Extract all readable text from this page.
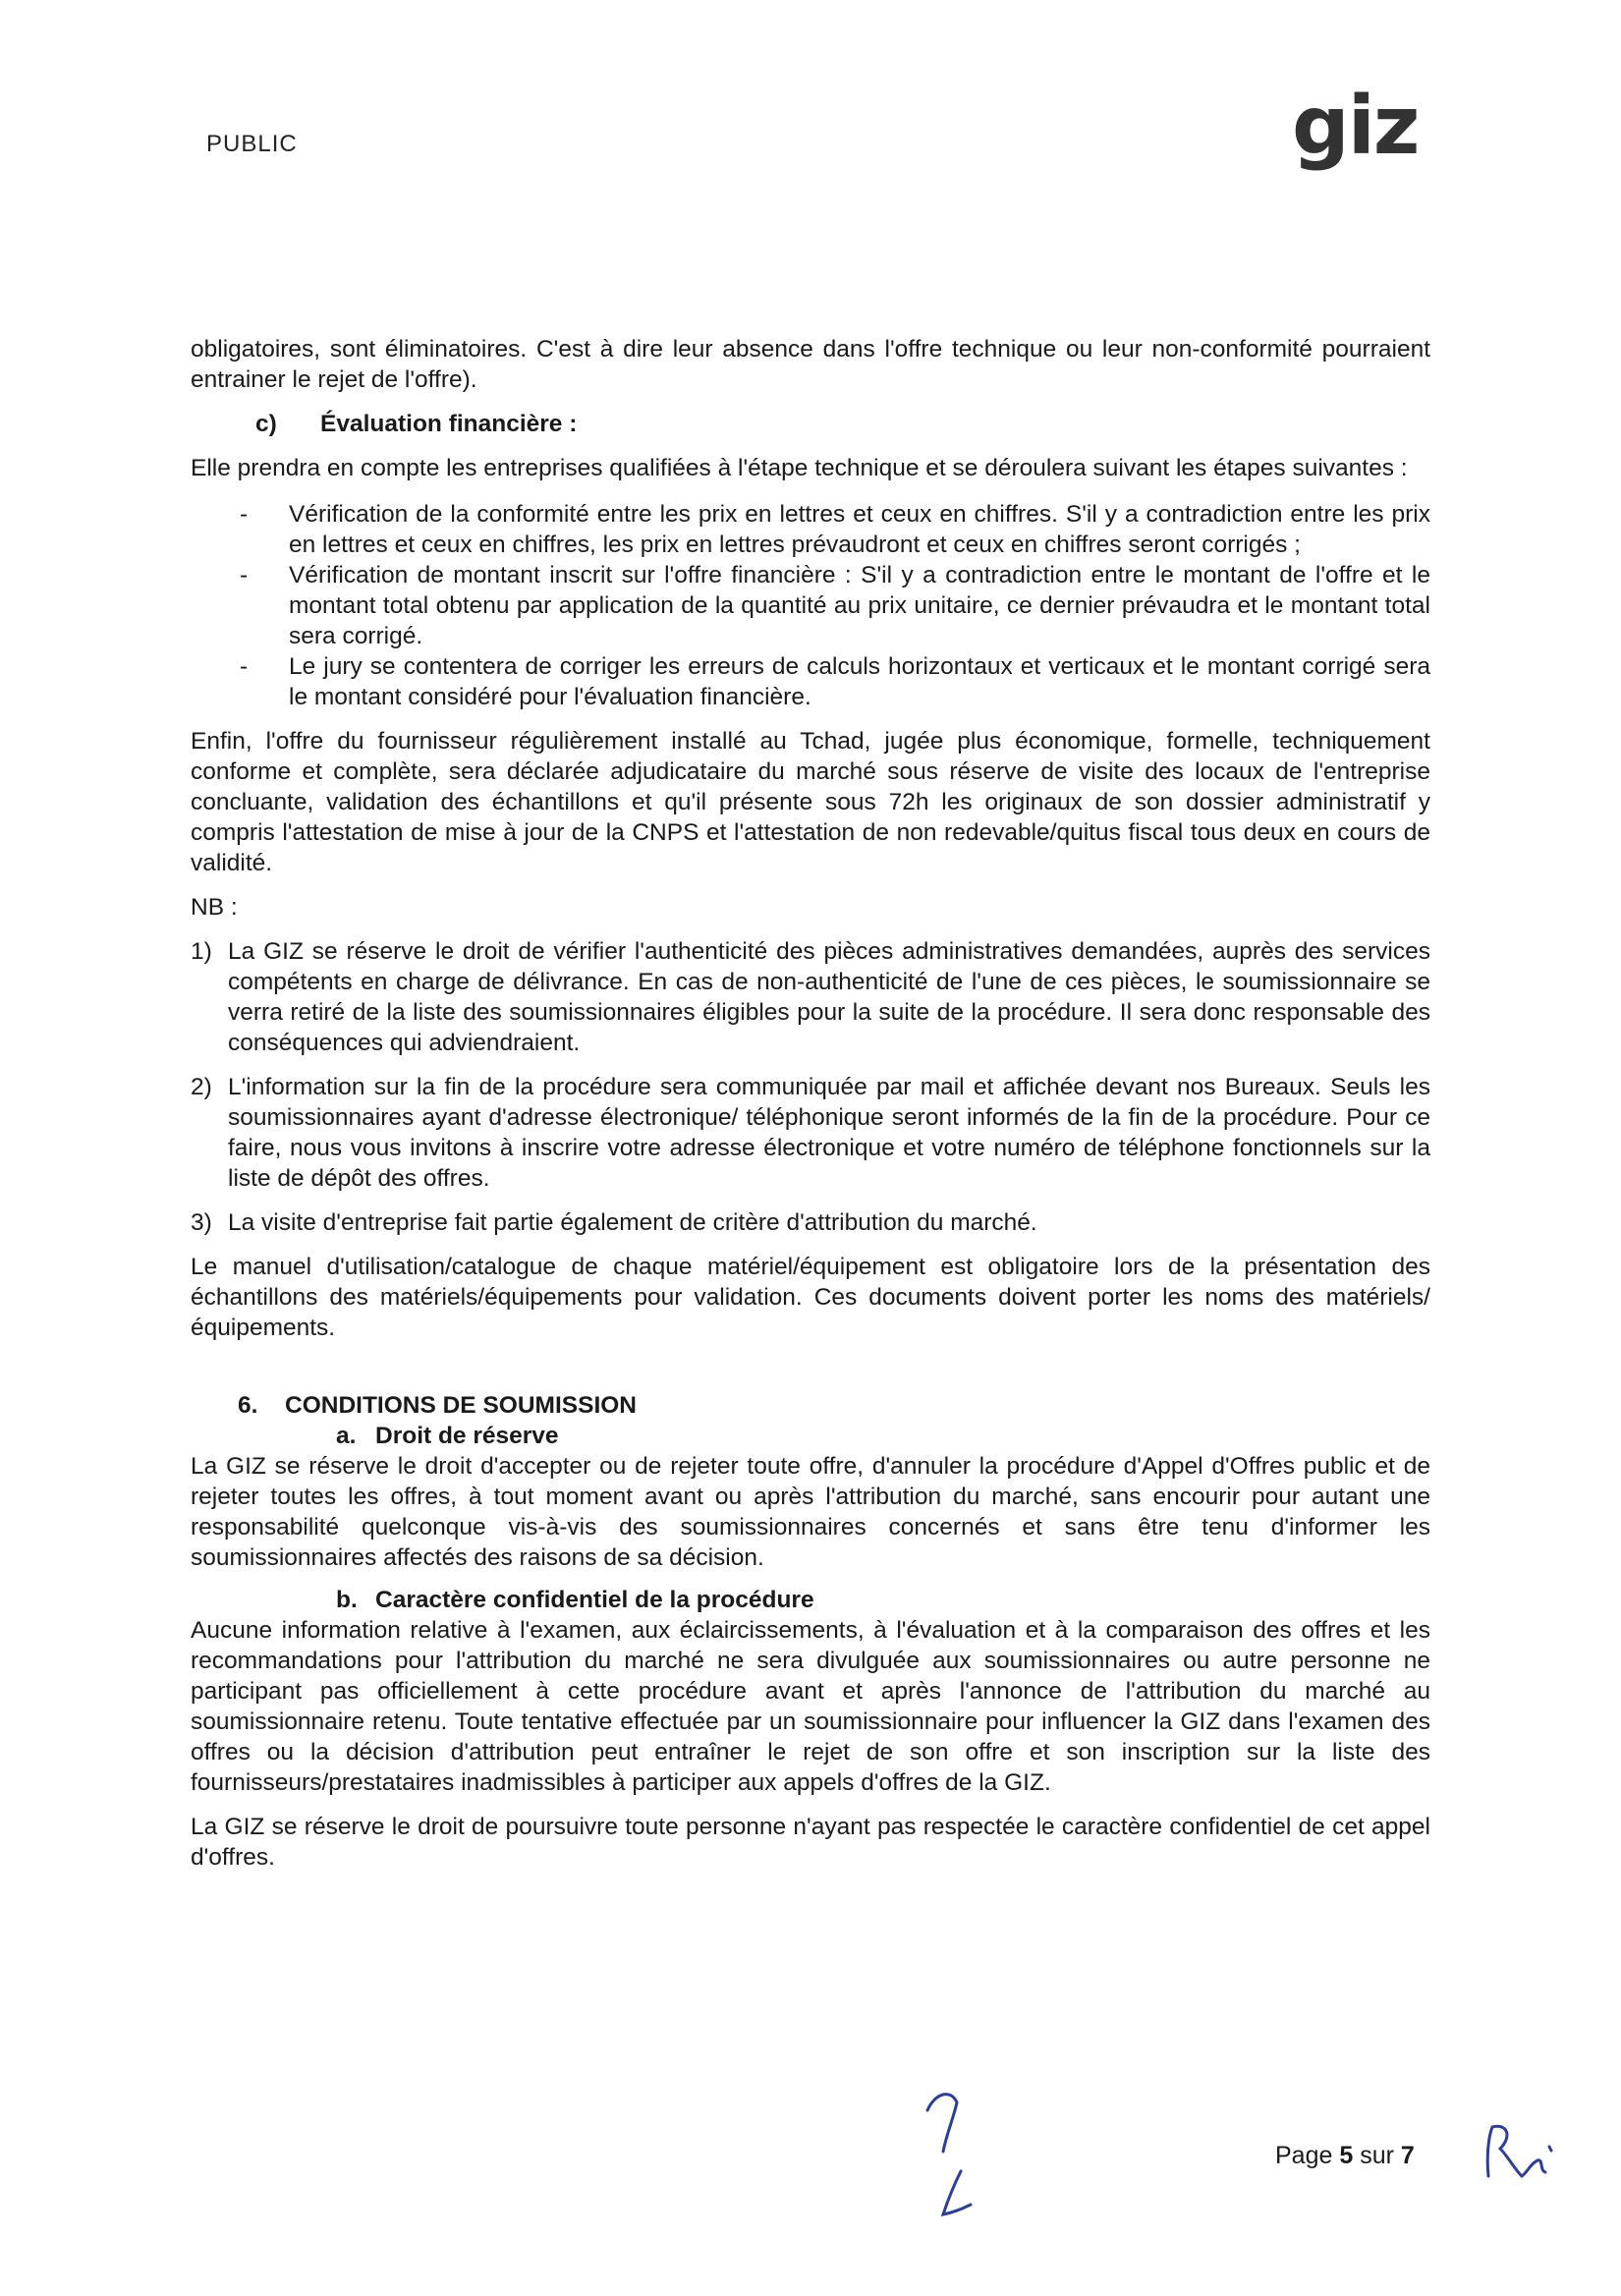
PUBLIC	giz

obligatoires, sont éliminatoires. C'est à dire leur absence dans l'offre technique ou leur non-conformité pourraient entrainer le rejet de l'offre).

c) Évaluation financière :

Elle prendra en compte les entreprises qualifiées à l'étape technique et se déroulera suivant les étapes suivantes :

- Vérification de la conformité entre les prix en lettres et ceux en chiffres. S'il y a contradiction entre les prix en lettres et ceux en chiffres, les prix en lettres prévaudront et ceux en chiffres seront corrigés ;
- Vérification de montant inscrit sur l'offre financière : S'il y a contradiction entre le montant de l'offre et le montant total obtenu par application de la quantité au prix unitaire, ce dernier prévaudra et le montant total sera corrigé.
- Le jury se contentera de corriger les erreurs de calculs horizontaux et verticaux et le montant corrigé sera le montant considéré pour l'évaluation financière.

Enfin, l'offre du fournisseur régulièrement installé au Tchad, jugée plus économique, formelle, techniquement conforme et complète, sera déclarée adjudicataire du marché sous réserve de visite des locaux de l'entreprise concluante, validation des échantillons et qu'il présente sous 72h les originaux de son dossier administratif y compris l'attestation de mise à jour de la CNPS et l'attestation de non redevable/quitus fiscal tous deux en cours de validité.

NB :

1) La GIZ se réserve le droit de vérifier l'authenticité des pièces administratives demandées, auprès des services compétents en charge de délivrance. En cas de non-authenticité de l'une de ces pièces, le soumissionnaire se verra retiré de la liste des soumissionnaires éligibles pour la suite de la procédure. Il sera donc responsable des conséquences qui adviendraient.
2) L'information sur la fin de la procédure sera communiquée par mail et affichée devant nos Bureaux. Seuls les soumissionnaires ayant d'adresse électronique/ téléphonique seront informés de la fin de la procédure. Pour ce faire, nous vous invitons à inscrire votre adresse électronique et votre numéro de téléphone fonctionnels sur la liste de dépôt des offres.
3) La visite d'entreprise fait partie également de critère d'attribution du marché.

Le manuel d'utilisation/catalogue de chaque matériel/équipement est obligatoire lors de la présentation des échantillons des matériels/équipements pour validation. Ces documents doivent porter les noms des matériels/équipements.

6. CONDITIONS DE SOUMISSION
a. Droit de réserve

La GIZ se réserve le droit d'accepter ou de rejeter toute offre, d'annuler la procédure d'Appel d'Offres public et de rejeter toutes les offres, à tout moment avant ou après l'attribution du marché, sans encourir pour autant une responsabilité quelconque vis-à-vis des soumissionnaires concernés et sans être tenu d'informer les soumissionnaires affectés des raisons de sa décision.

b. Caractère confidentiel de la procédure

Aucune information relative à l'examen, aux éclaircissements, à l'évaluation et à la comparaison des offres et les recommandations pour l'attribution du marché ne sera divulguée aux soumissionnaires ou autre personne ne participant pas officiellement à cette procédure avant et après l'annonce de l'attribution du marché au soumissionnaire retenu. Toute tentative effectuée par un soumissionnaire pour influencer la GIZ dans l'examen des offres ou la décision d'attribution peut entraîner le rejet de son offre et son inscription sur la liste des fournisseurs/prestataires inadmissibles à participer aux appels d'offres de la GIZ.

La GIZ se réserve le droit de poursuivre toute personne n'ayant pas respectée le caractère confidentiel de cet appel d'offres.

Page 5 sur 7
